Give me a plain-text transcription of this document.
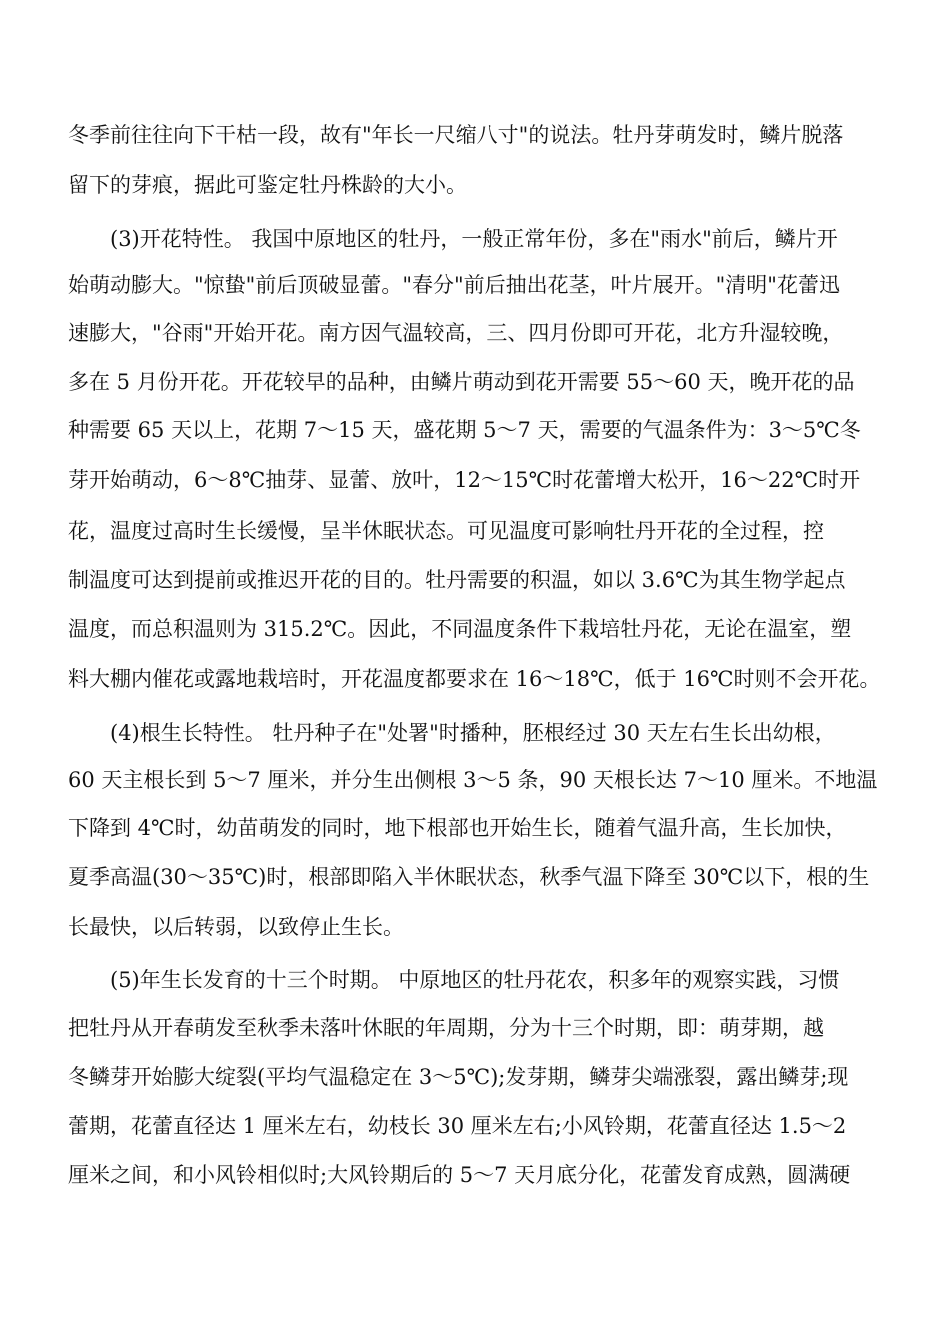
冬季前往往向下干枯一段，故有"年长一尺缩八寸"的说法。牡丹芽萌发时，鳞片脱落
留下的芽痕，据此可鉴定牡丹株龄的大小。
(3)开花特性。 我国中原地区的牡丹，一般正常年份，多在"雨水"前后，鳞片开
始萌动膨大。"惊蛰"前后顶破显蕾。"春分"前后抽出花茎，叶片展开。"清明"花蕾迅
速膨大，"谷雨"开始开花。南方因气温较高，三、四月份即可开花，北方升湿较晚，
多在 5 月份开花。开花较早的品种，由鳞片萌动到花开需要 55～60 天，晚开花的品
种需要 65 天以上，花期 7～15 天，盛花期 5～7 天，需要的气温条件为：3～5℃冬
芽开始萌动，6～8℃抽芽、显蕾、放叶，12～15℃时花蕾增大松开，16～22℃时开
花，温度过高时生长缓慢，呈半休眠状态。可见温度可影响牡丹开花的全过程，控
制温度可达到提前或推迟开花的目的。牡丹需要的积温，如以 3.6℃为其生物学起点
温度，而总积温则为 315.2℃。因此，不同温度条件下栽培牡丹花，无论在温室，塑
料大棚内催花或露地栽培时，开花温度都要求在 16～18℃，低于 16℃时则不会开花。
(4)根生长特性。 牡丹种子在"处署"时播种，胚根经过 30 天左右生长出幼根，
60 天主根长到 5～7 厘米，并分生出侧根 3～5 条，90 天根长达 7～10 厘米。不地温
下降到 4℃时，幼苗萌发的同时，地下根部也开始生长，随着气温升高，生长加快，
夏季高温(30～35℃)时，根部即陷入半休眠状态，秋季气温下降至 30℃以下，根的生
长最快，以后转弱，以致停止生长。
(5)年生长发育的十三个时期。 中原地区的牡丹花农，积多年的观察实践，习惯
把牡丹从开春萌发至秋季未落叶休眠的年周期，分为十三个时期，即：萌芽期，越
冬鳞芽开始膨大绽裂(平均气温稳定在 3～5℃);发芽期，鳞芽尖端涨裂，露出鳞芽;现
蕾期，花蕾直径达 1 厘米左右，幼枝长 30 厘米左右;小风铃期，花蕾直径达 1.5～2
厘米之间，和小风铃相似时;大风铃期后的 5～7 天月底分化，花蕾发育成熟，圆满硬
